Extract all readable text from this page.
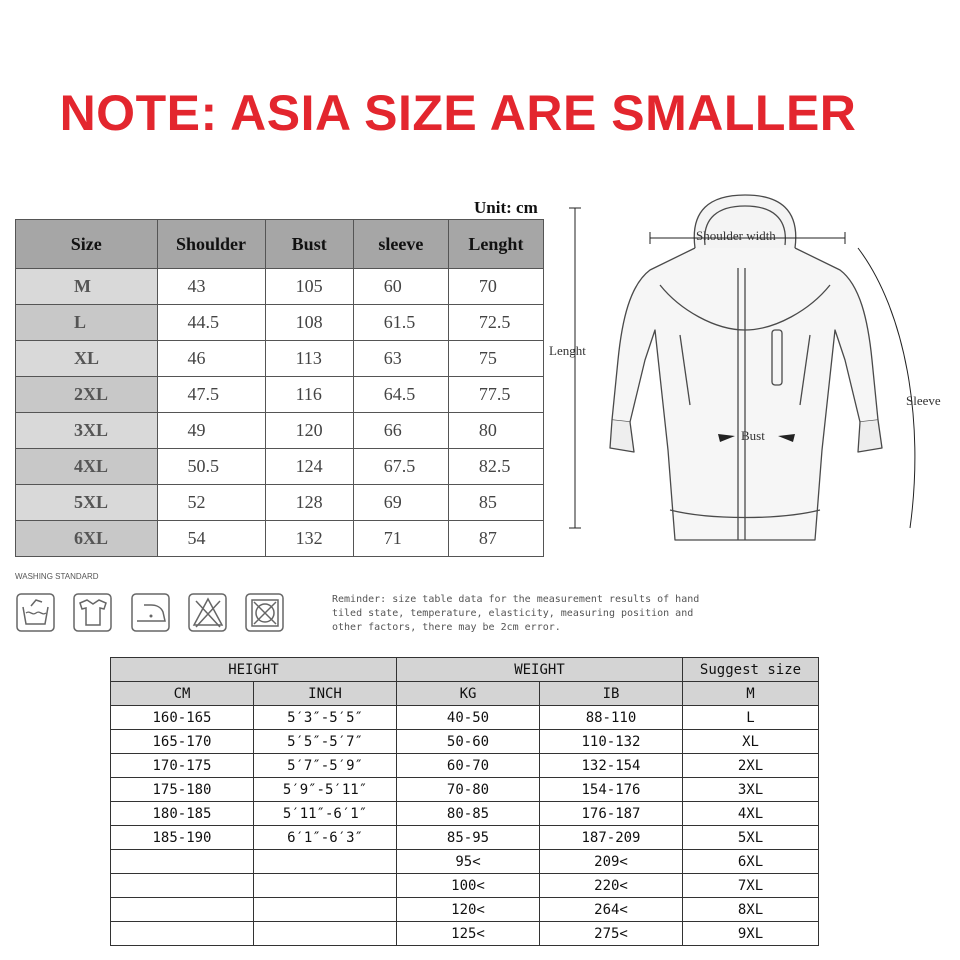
NOTE: ASIA SIZE ARE SMALLER
Unit: cm
Size	Shoulder	Bust	sleeve	Lenght
M	43	105	60	70
L	44.5	108	61.5	72.5
XL	46	113	63	75
2XL	47.5	116	64.5	77.5
3XL	49	120	66	80
4XL	50.5	124	67.5	82.5
5XL	52	128	69	85
6XL	54	132	71	87
Shoulder width
Lenght
Sleeve
Bust
WASHING STANDARD
Reminder: size table data for the measurement results of hand tiled state, temperature, elasticity, measuring position and other factors, there may be 2cm error.
HEIGHT		WEIGHT		Suggest size
CM	INCH	KG	IB	M
160-165	5′3″-5′5″	40-50	88-110	L
165-170	5′5″-5′7″	50-60	110-132	XL
170-175	5′7″-5′9″	60-70	132-154	2XL
175-180	5′9″-5′11″	70-80	154-176	3XL
180-185	5′11″-6′1″	80-85	176-187	4XL
185-190	6′1″-6′3″	85-95	187-209	5XL
		95<	209<	6XL
		100<	220<	7XL
		120<	264<	8XL
		125<	275<	9XL
